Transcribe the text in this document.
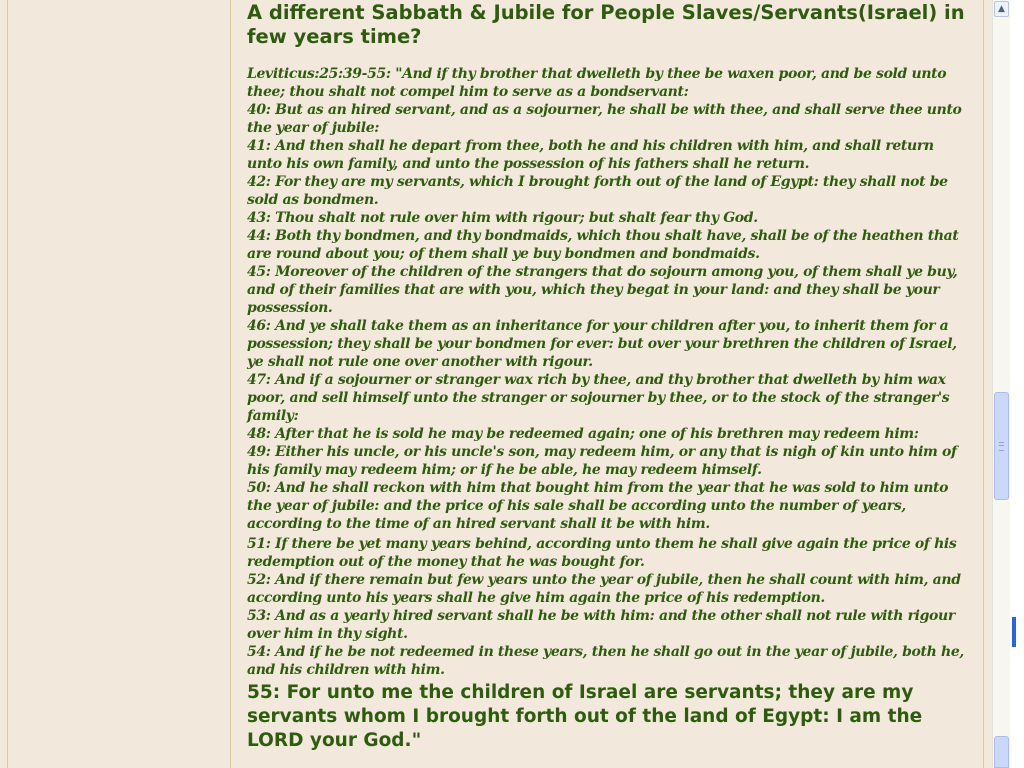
A different Sabbath & Jubile for People Slaves/Servants(Israel) in few years time?
Leviticus:25:39-55: "And if thy brother that dwelleth by thee be waxen poor, and be sold unto thee; thou shalt not compel him to serve as a bondservant:
40: But as an hired servant, and as a sojourner, he shall be with thee, and shall serve thee unto the year of jubile:
41: And then shall he depart from thee, both he and his children with him, and shall return unto his own family, and unto the possession of his fathers shall he return.
42: For they are my servants, which I brought forth out of the land of Egypt: they shall not be sold as bondmen.
43: Thou shalt not rule over him with rigour; but shalt fear thy God.
44: Both thy bondmen, and thy bondmaids, which thou shalt have, shall be of the heathen that are round about you; of them shall ye buy bondmen and bondmaids.
45: Moreover of the children of the strangers that do sojourn among you, of them shall ye buy, and of their families that are with you, which they begat in your land: and they shall be your possession.
46: And ye shall take them as an inheritance for your children after you, to inherit them for a possession; they shall be your bondmen for ever: but over your brethren the children of Israel, ye shall not rule one over another with rigour.
47: And if a sojourner or stranger wax rich by thee, and thy brother that dwelleth by him wax poor, and sell himself unto the stranger or sojourner by thee, or to the stock of the stranger's family:
48: After that he is sold he may be redeemed again; one of his brethren may redeem him:
49: Either his uncle, or his uncle's son, may redeem him, or any that is nigh of kin unto him of his family may redeem him; or if he be able, he may redeem himself.
50: And he shall reckon with him that bought him from the year that he was sold to him unto the year of jubile: and the price of his sale shall be according unto the number of years, according to the time of an hired servant shall it be with him.
51: If there be yet many years behind, according unto them he shall give again the price of his redemption out of the money that he was bought for.
52: And if there remain but few years unto the year of jubile, then he shall count with him, and according unto his years shall he give him again the price of his redemption.
53: And as a yearly hired servant shall he be with him: and the other shall not rule with rigour over him in thy sight.
54: And if he be not redeemed in these years, then he shall go out in the year of jubile, both he, and his children with him.
55: For unto me the children of Israel are servants; they are my servants whom I brought forth out of the land of Egypt: I am the LORD your God."
▲
